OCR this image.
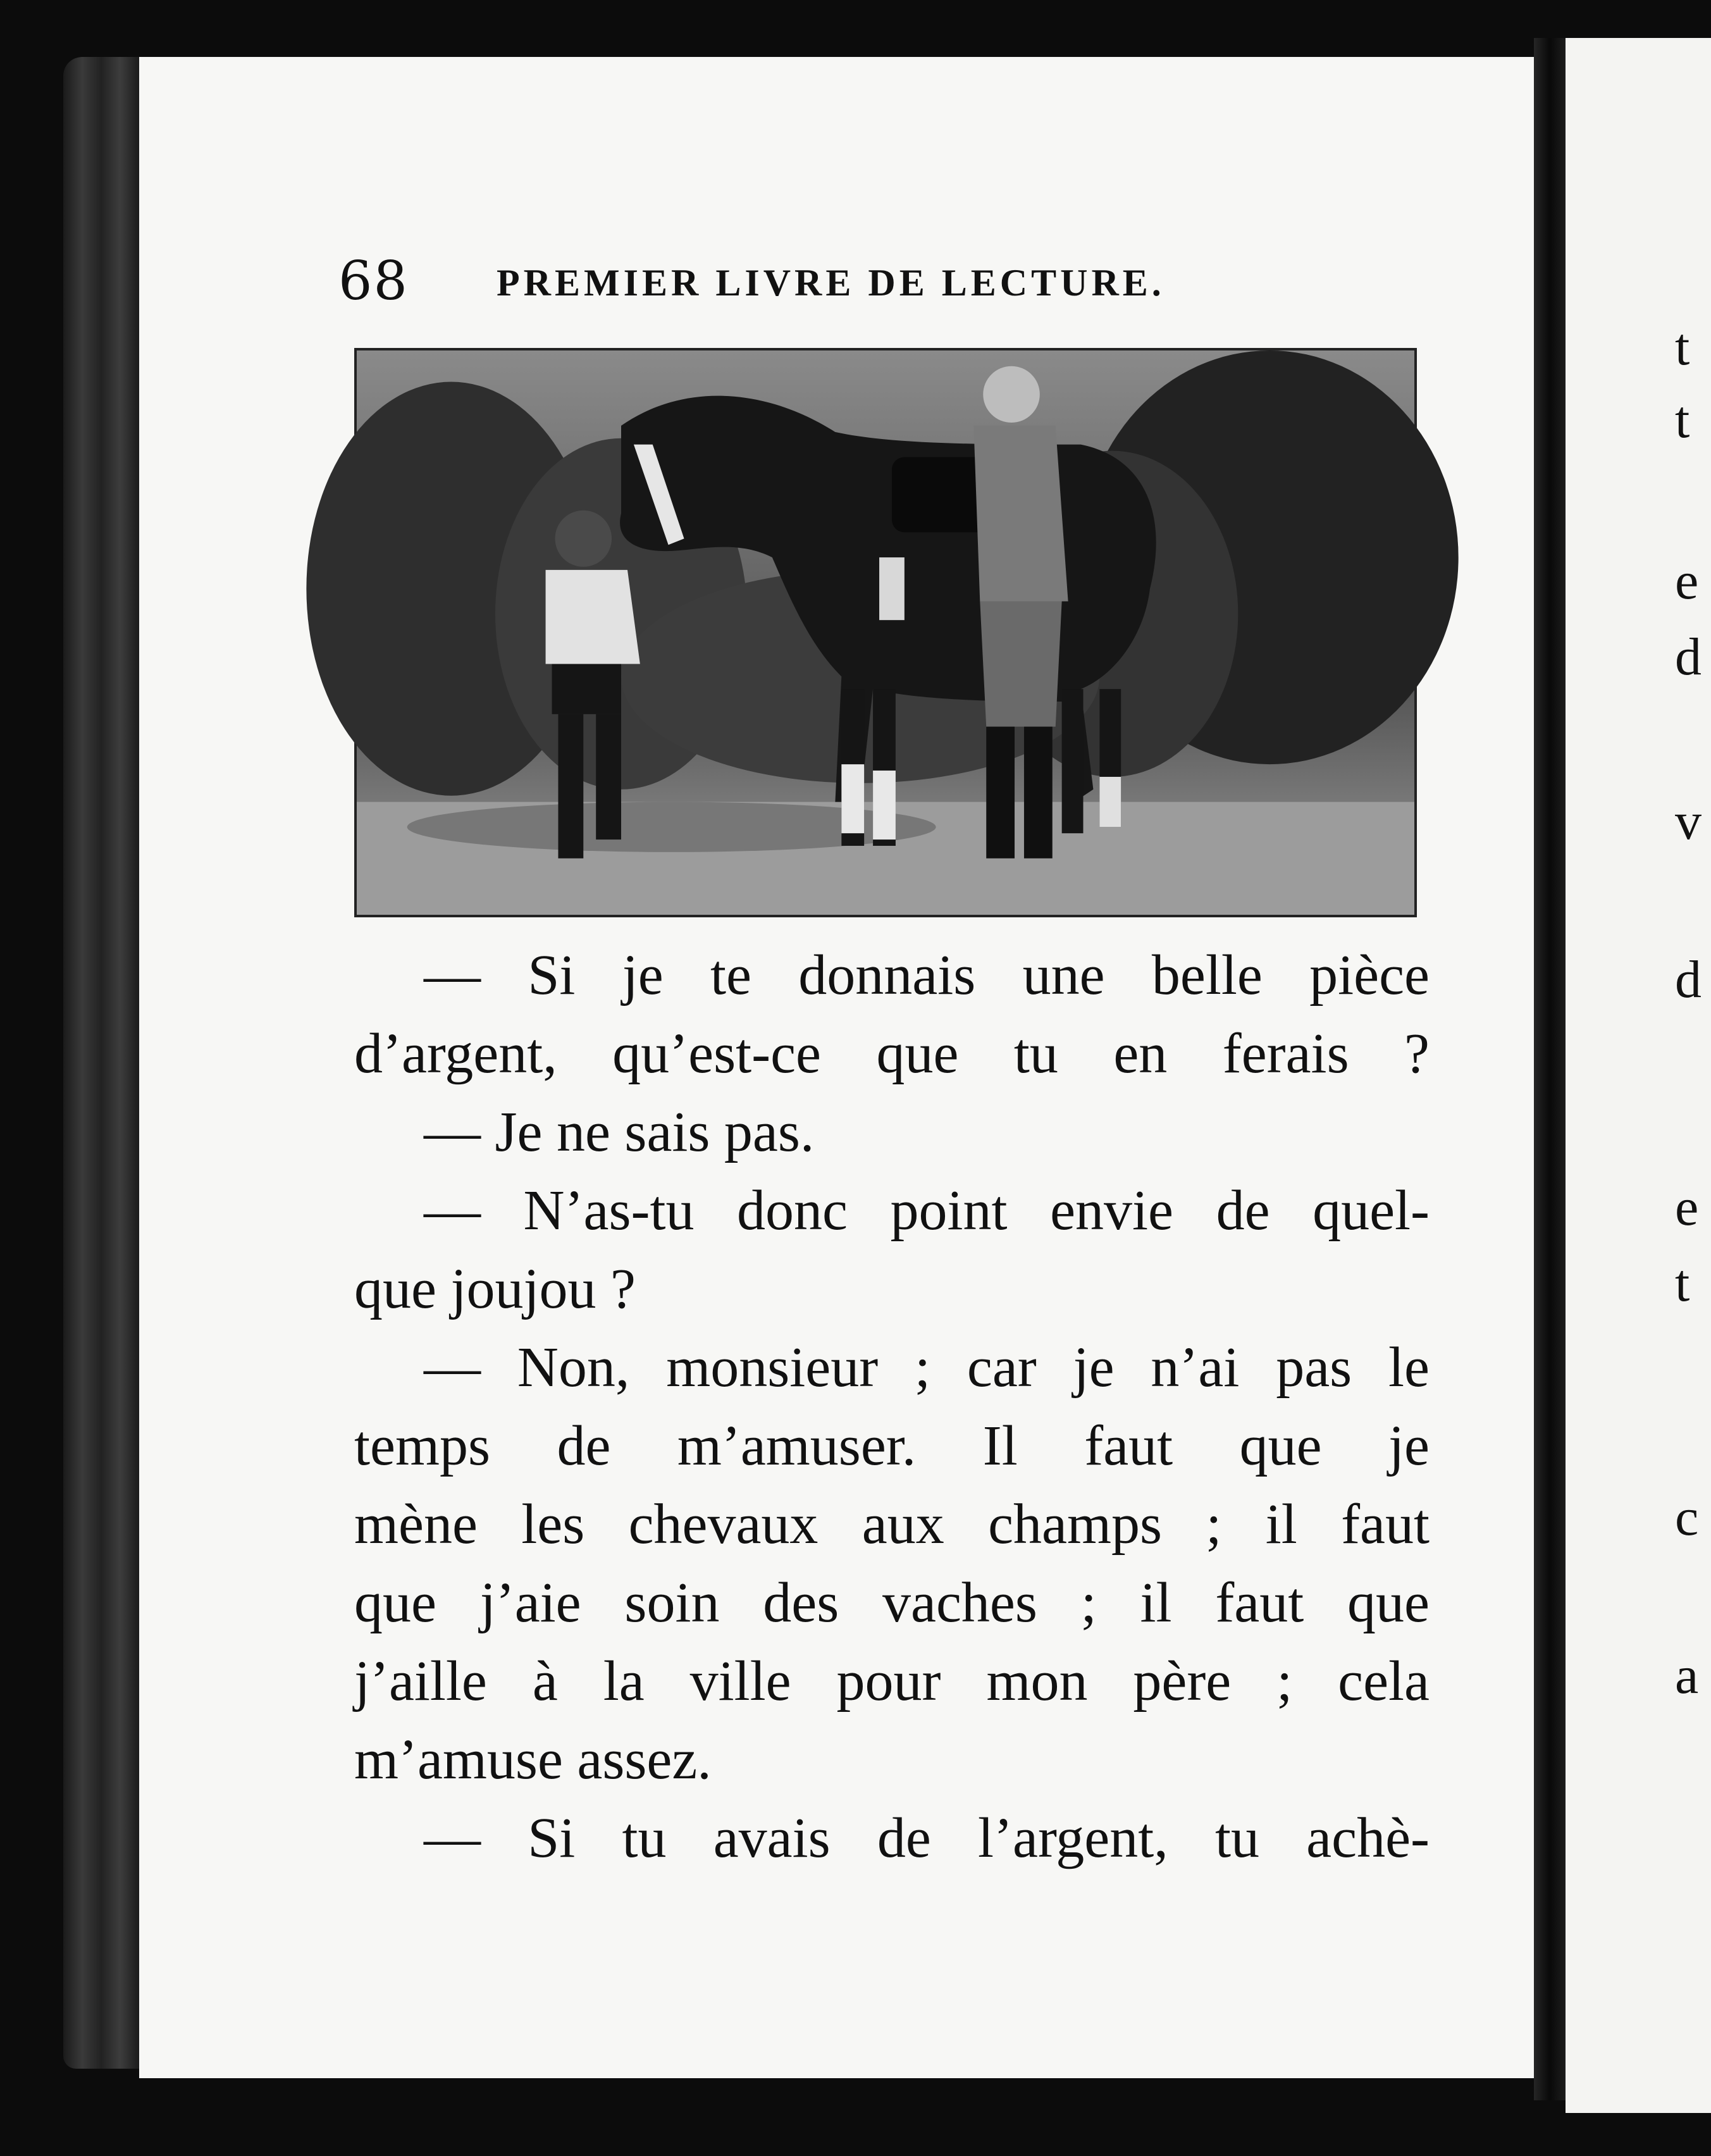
68 PREMIER LIVRE DE LECTURE.
— Si je te donnais une belle pièce
d’argent, qu’est-ce que tu en ferais ?
— Je ne sais pas.
— N’as-tu donc point envie de quel-
que joujou ?
— Non, monsieur ; car je n’ai pas le
temps de m’amuser. Il faut que je
mène les chevaux aux champs ; il faut
que j’aie soin des vaches ; il faut que
j’aille à la ville pour mon père ; cela
m’amuse assez.
— Si tu avais de l’argent, tu achè-
t
t
e
d
v
d
e
t
c
a
